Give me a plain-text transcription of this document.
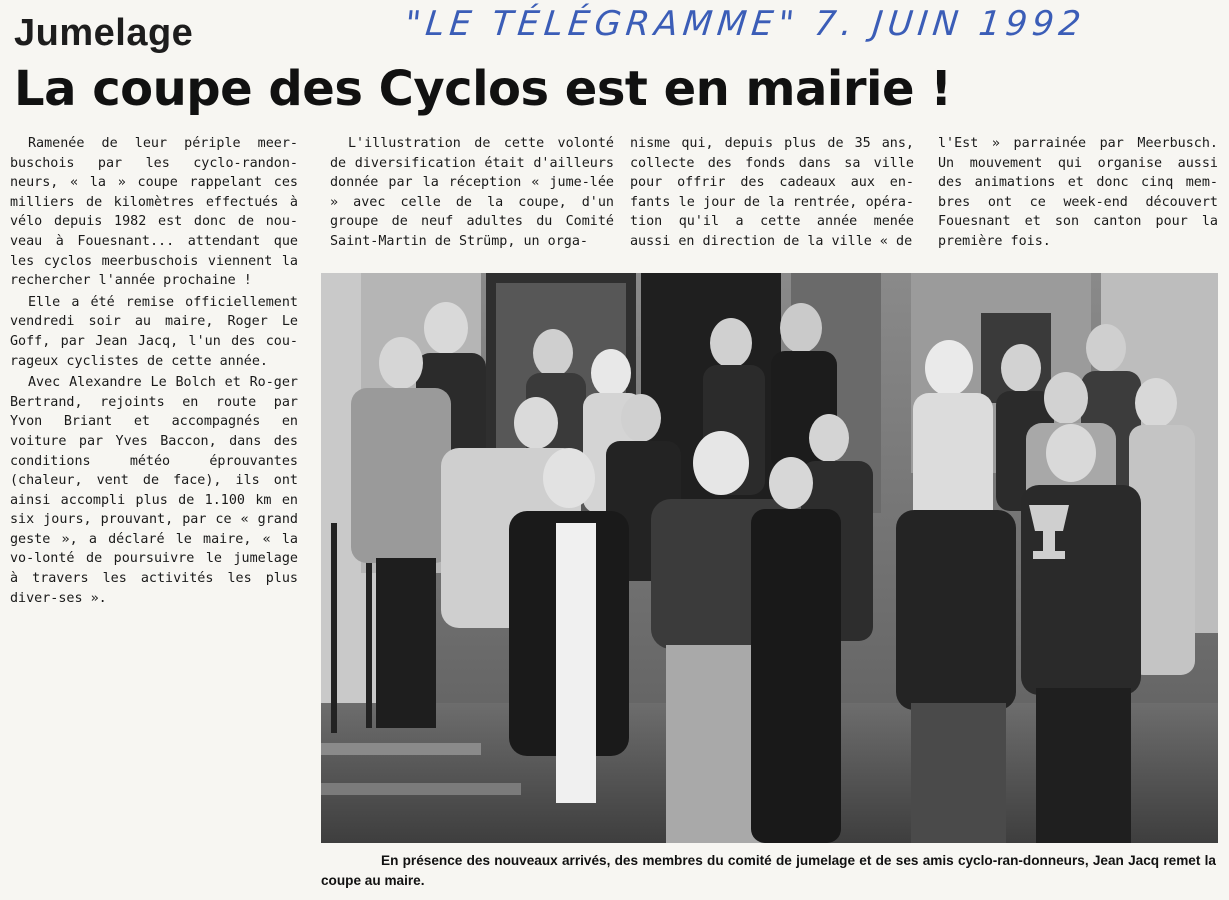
Jumelage	"LE TÉLÉGRAMME" 7. JUIN 1992
La coupe des Cyclos est en mairie !

Ramenée de leur périple meer-buschois par les cyclo-randon-neurs, « la » coupe rappelant ces milliers de kilomètres effectués à vélo depuis 1982 est donc de nou-veau à Fouesnant... attendant que les cyclos meerbuschois viennent la rechercher l'année prochaine !

Elle a été remise officiellement vendredi soir au maire, Roger Le Goff, par Jean Jacq, l'un des cou-rageux cyclistes de cette année.

Avec Alexandre Le Bolch et Ro-ger Bertrand, rejoints en route par Yvon Briant et accompagnés en voiture par Yves Baccon, dans des conditions météo éprouvantes (chaleur, vent de face), ils ont ainsi accompli plus de 1.100 km en six jours, prouvant, par ce « grand geste », a déclaré le maire, « la vo-lonté de poursuivre le jumelage à travers les activités les plus diver-ses ».

L'illustration de cette volonté de diversification était d'ailleurs donnée par la réception « jume-lée » avec celle de la coupe, d'un groupe de neuf adultes du Comité Saint-Martin de Strümp, un orga-

nisme qui, depuis plus de 35 ans, collecte des fonds dans sa ville pour offrir des cadeaux aux en-fants le jour de la rentrée, opéra-tion qu'il a cette année menée aussi en direction de la ville « de

l'Est » parrainée par Meerbusch. Un mouvement qui organise aussi des animations et donc cinq mem-bres ont ce week-end découvert Fouesnant et son canton pour la première fois.

En présence des nouveaux arrivés, des membres du comité de jumelage et de ses amis cyclo-ran-donneurs, Jean Jacq remet la coupe au maire.
